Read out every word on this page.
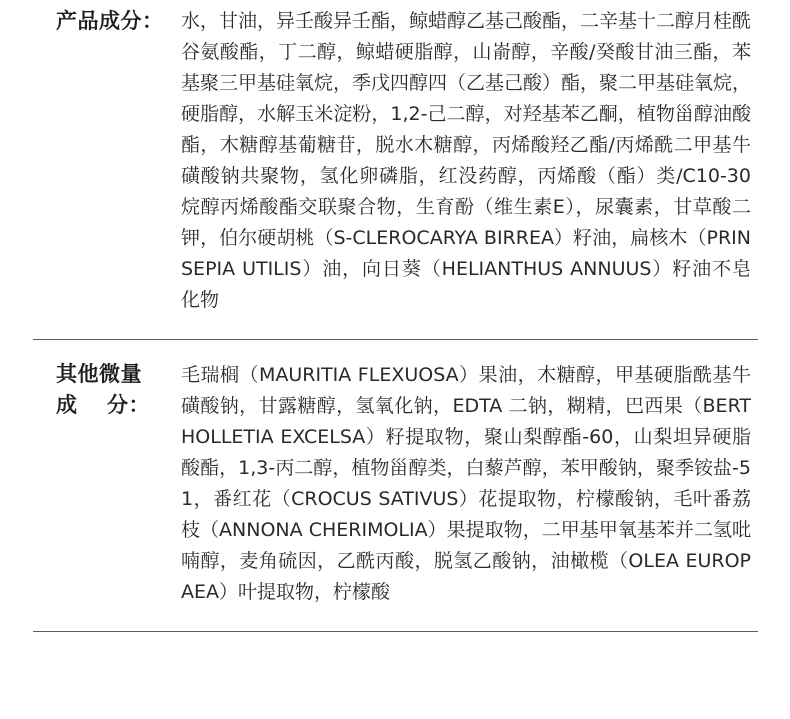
产品成分： 水，甘油，异壬酸异壬酯，鲸蜡醇乙基己酸酯，二辛基十二醇月桂酰谷氨酸酯，丁二醇，鲸蜡硬脂醇，山嵛醇，辛酸/癸酸甘油三酯，苯基聚三甲基硅氧烷，季戊四醇四（乙基己酸）酯，聚二甲基硅氧烷，硬脂醇，水解玉米淀粉，1,2-己二醇，对羟基苯乙酮，植物甾醇油酸酯，木糖醇基葡糖苷，脱水木糖醇，丙烯酸羟乙酯/丙烯酰二甲基牛磺酸钠共聚物，氢化卵磷脂，红没药醇，丙烯酸（酯）类/C10-30 烷醇丙烯酸酯交联聚合物，生育酚（维生素E），尿囊素，甘草酸二钾，伯尔硬胡桃（S-CLEROCARYA BIRREA）籽油，扁核木（PRINSEPIA UTILIS）油，向日葵（HELIANTHUS ANNUUS）籽油不皂化物

其他微量
成 分：

毛瑞榈（MAURITIA FLEXUOSA）果油，木糖醇，甲基硬脂酰基牛磺酸钠，甘露糖醇，氢氧化钠，EDTA 二钠，糊精，巴西果（BERTHOLLETIA EXCELSA）籽提取物，聚山梨醇酯-60，山梨坦异硬脂酸酯，1,3-丙二醇，植物甾醇类，白藜芦醇，苯甲酸钠，聚季铵盐-51，番红花（CROCUS SATIVUS）花提取物，柠檬酸钠，毛叶番荔枝（ANNONA CHERIMOLIA）果提取物，二甲基甲氧基苯并二氢吡喃醇，麦角硫因，乙酰丙酸，脱氢乙酸钠，油橄榄（OLEA EUROPAEA）叶提取物，柠檬酸
